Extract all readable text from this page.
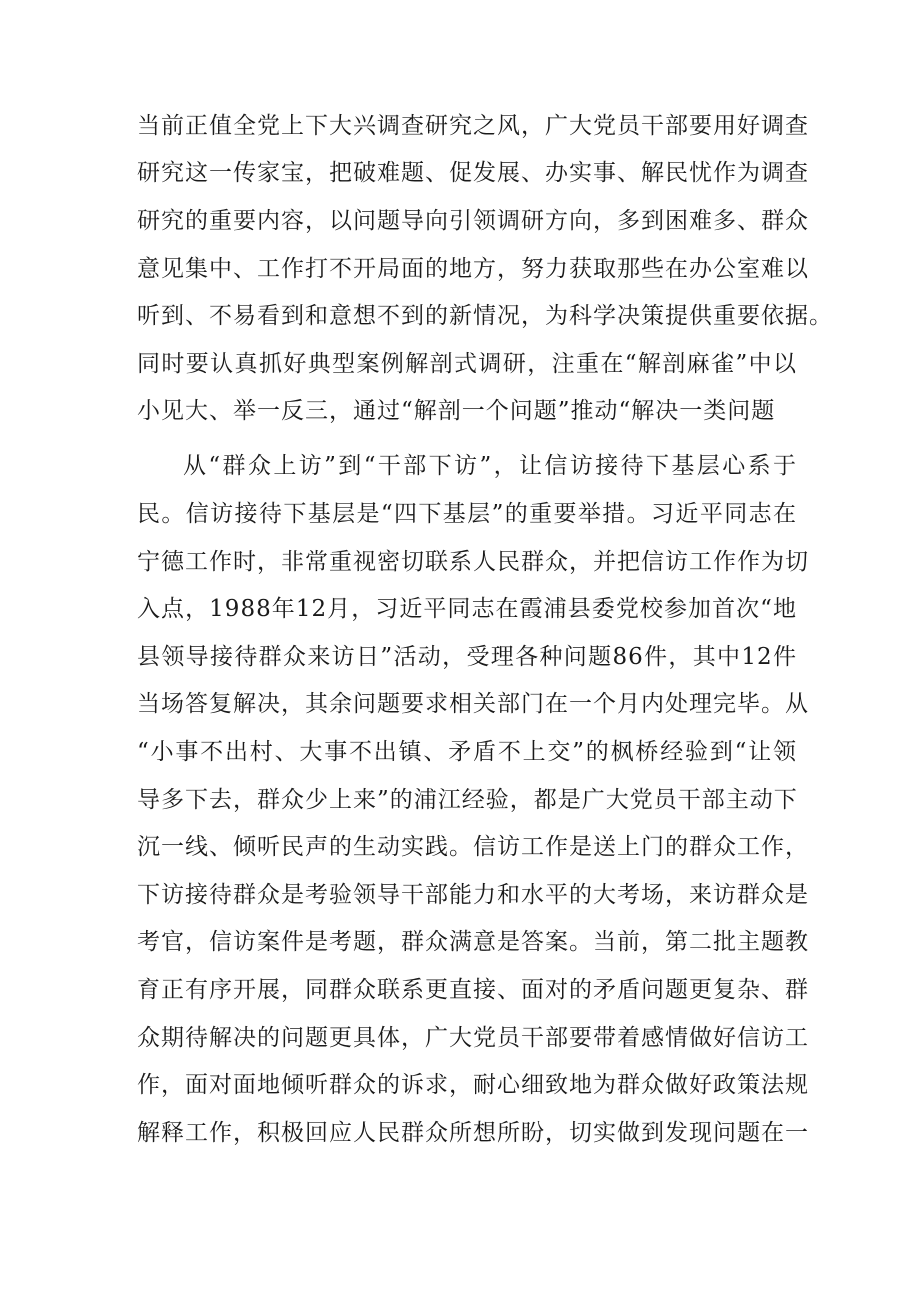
当前正值全党上下大兴调查研究之风，广大党员干部要用好调查
研究这一传家宝，把破难题、促发展、办实事、解民忧作为调查
研究的重要内容，以问题导向引领调研方向，多到困难多、群众
意见集中、工作打不开局面的地方，努力获取那些在办公室难以
听到、不易看到和意想不到的新情况，为科学决策提供重要依据。
同时要认真抓好典型案例解剖式调研，注重在“解剖麻雀”中以
小见大、举一反三，通过“解剖一个问题”推动“解决一类问题
从“群众上访”到“干部下访”，让信访接待下基层心系于
民。信访接待下基层是“四下基层”的重要举措。习近平同志在
宁德工作时，非常重视密切联系人民群众，并把信访工作作为切
入点，1988年12月，习近平同志在霞浦县委党校参加首次“地
县领导接待群众来访日”活动，受理各种问题86件，其中12件
当场答复解决，其余问题要求相关部门在一个月内处理完毕。从
“小事不出村、大事不出镇、矛盾不上交”的枫桥经验到“让领
导多下去，群众少上来”的浦江经验，都是广大党员干部主动下
沉一线、倾听民声的生动实践。信访工作是送上门的群众工作，
下访接待群众是考验领导干部能力和水平的大考场，来访群众是
考官，信访案件是考题，群众满意是答案。当前，第二批主题教
育正有序开展，同群众联系更直接、面对的矛盾问题更复杂、群
众期待解决的问题更具体，广大党员干部要带着感情做好信访工
作，面对面地倾听群众的诉求，耐心细致地为群众做好政策法规
解释工作，积极回应人民群众所想所盼，切实做到发现问题在一
